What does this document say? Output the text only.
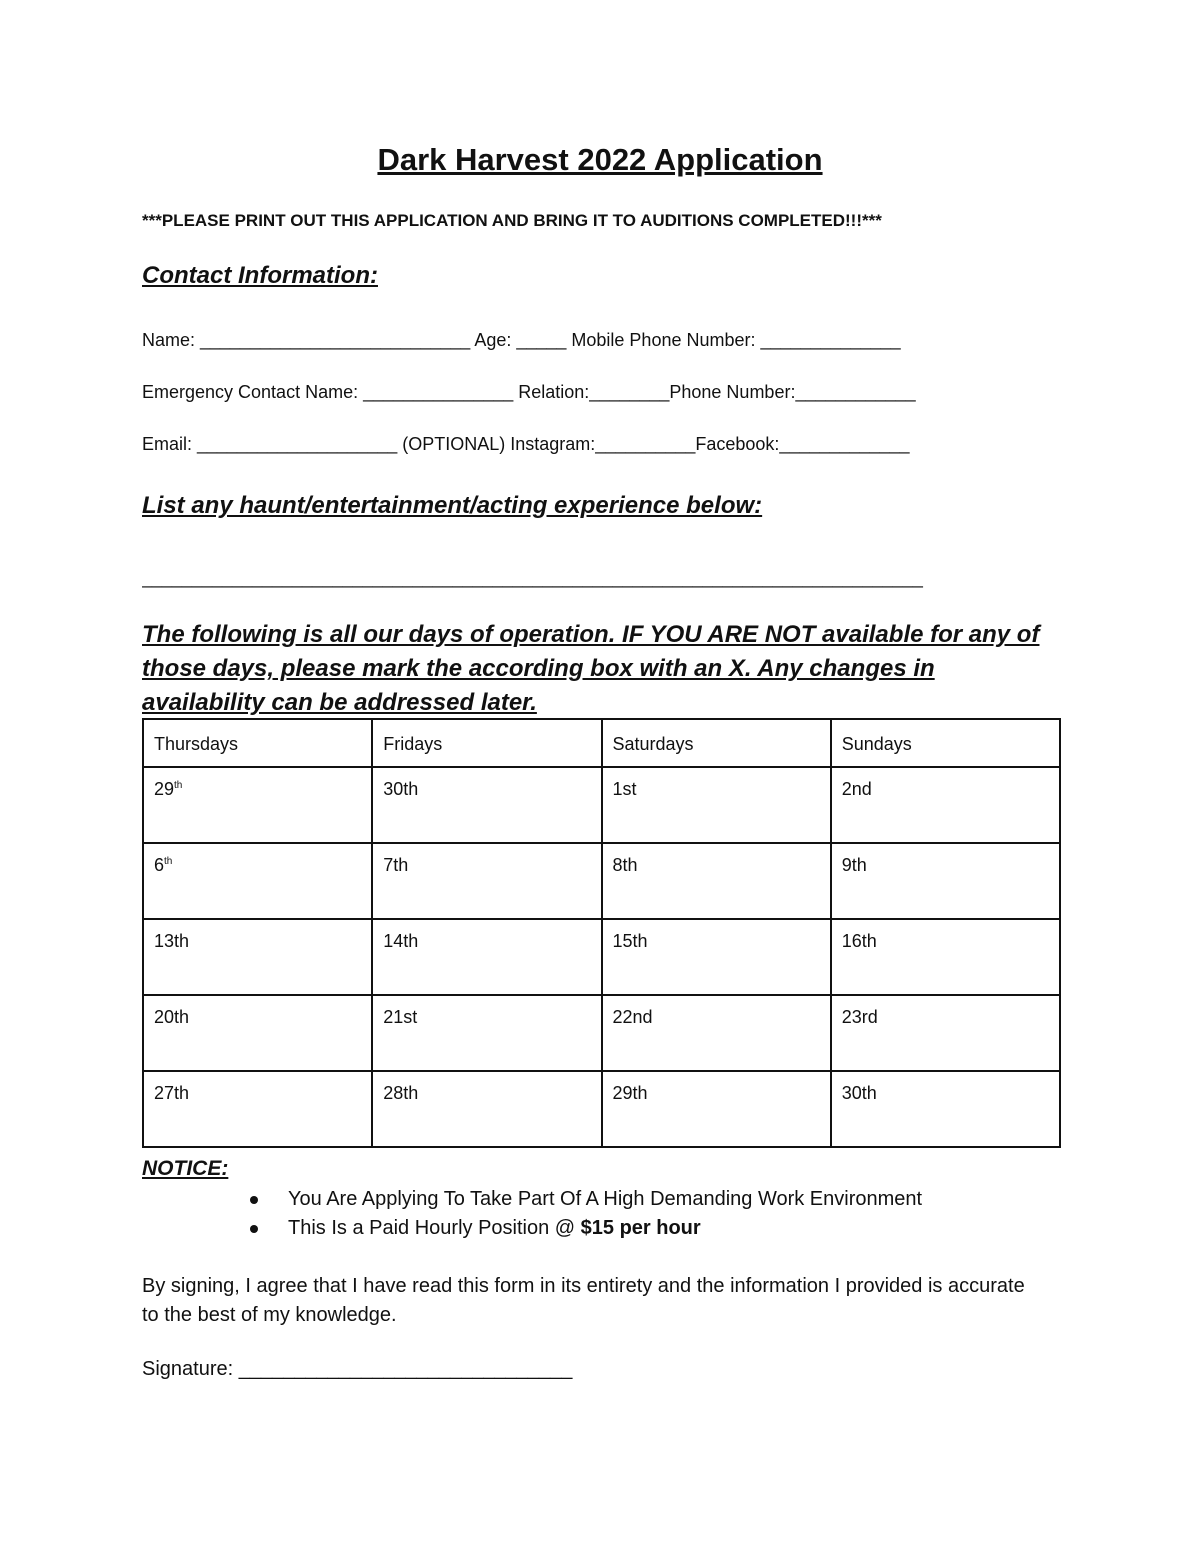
Dark Harvest 2022 Application
***PLEASE PRINT OUT THIS APPLICATION AND BRING IT TO AUDITIONS COMPLETED!!!***
Contact Information:
Name: ___________________________ Age: _____ Mobile Phone Number: ______________
Emergency Contact Name: _______________ Relation:________Phone Number:____________
Email: ____________________ (OPTIONAL) Instagram:__________Facebook:_____________
List any haunt/entertainment/acting experience below:
______________________________________________________________________________
The following is all our days of operation. IF YOU ARE NOT available for any of those days, please mark the according box with an X. Any changes in availability can be addressed later.
Thursdays	Fridays	Saturdays	Sundays
29th	30th	1st	2nd
6th	7th	8th	9th
13th	14th	15th	16th
20th	21st	22nd	23rd
27th	28th	29th	30th
NOTICE:
You Are Applying To Take Part Of A High Demanding Work Environment
This Is a Paid Hourly Position @ $15 per hour
By signing, I agree that I have read this form in its entirety and the information I provided is accurate to the best of my knowledge.
Signature: ______________________________
